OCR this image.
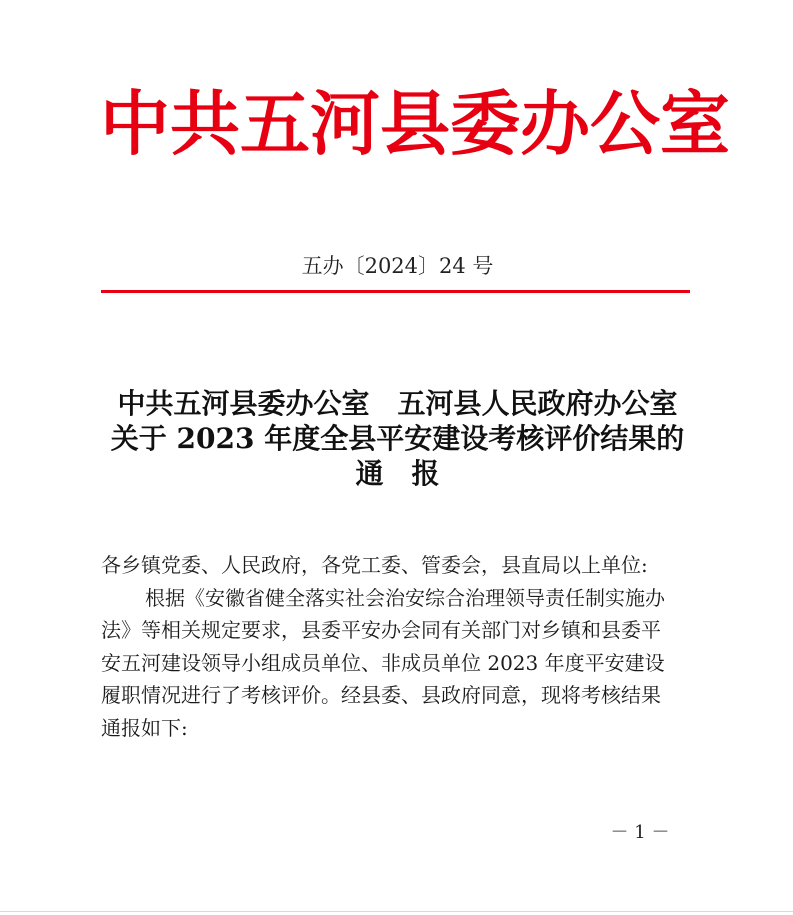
中共五河县委办公室
五办〔2024〕24 号
中共五河县委办公室　五河县人民政府办公室
关于 2023 年度全县平安建设考核评价结果的
通　报
各乡镇党委、人民政府，各党工委、管委会，县直局以上单位:
根据《安徽省健全落实社会治安综合治理领导责任制实施办
法》等相关规定要求，县委平安办会同有关部门对乡镇和县委平
安五河建设领导小组成员单位、非成员单位 2023 年度平安建设
履职情况进行了考核评价。经县委、县政府同意，现将考核结果
通报如下:
－ 1 －
